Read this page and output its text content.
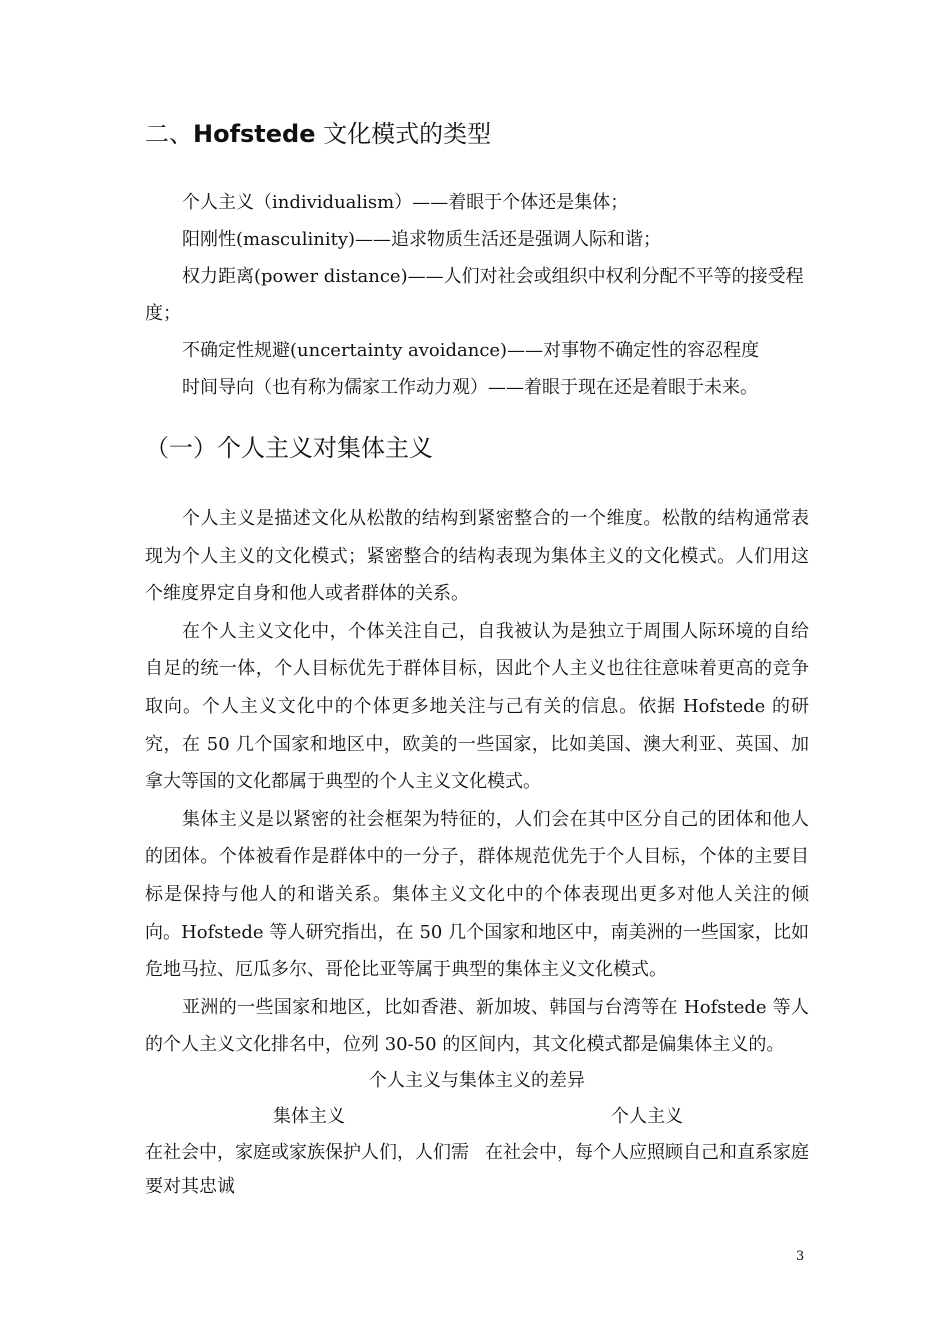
二、Hofstede 文化模式的类型

个人主义（individualism）——着眼于个体还是集体；

阳刚性(masculinity)——追求物质生活还是强调人际和谐；

权力距离(power distance)——人们对社会或组织中权利分配不平等的接受程度；

不确定性规避(uncertainty avoidance)——对事物不确定性的容忍程度

时间导向（也有称为儒家工作动力观）——着眼于现在还是着眼于未来。

（一）个人主义对集体主义

个人主义是描述文化从松散的结构到紧密整合的一个维度。松散的结构通常表现为个人主义的文化模式；紧密整合的结构表现为集体主义的文化模式。人们用这个维度界定自身和他人或者群体的关系。

在个人主义文化中，个体关注自己，自我被认为是独立于周围人际环境的自给自足的统一体，个人目标优先于群体目标，因此个人主义也往往意味着更高的竞争取向。个人主义文化中的个体更多地关注与己有关的信息。依据 Hofstede 的研究，在 50 几个国家和地区中，欧美的一些国家，比如美国、澳大利亚、英国、加拿大等国的文化都属于典型的个人主义文化模式。

集体主义是以紧密的社会框架为特征的，人们会在其中区分自己的团体和他人的团体。个体被看作是群体中的一分子，群体规范优先于个人目标，个体的主要目标是保持与他人的和谐关系。集体主义文化中的个体表现出更多对他人关注的倾向。Hofstede 等人研究指出，在 50 几个国家和地区中，南美洲的一些国家，比如危地马拉、厄瓜多尔、哥伦比亚等属于典型的集体主义文化模式。

亚洲的一些国家和地区，比如香港、新加坡、韩国与台湾等在 Hofstede 等人的个人主义文化排名中，位列 30-50 的区间内，其文化模式都是偏集体主义的。

个人主义与集体主义的差异
集体主义	个人主义
在社会中，家庭或家族保护人们，人们需要对其忠诚
在社会中，每个人应照顾自己和直系家庭
3
